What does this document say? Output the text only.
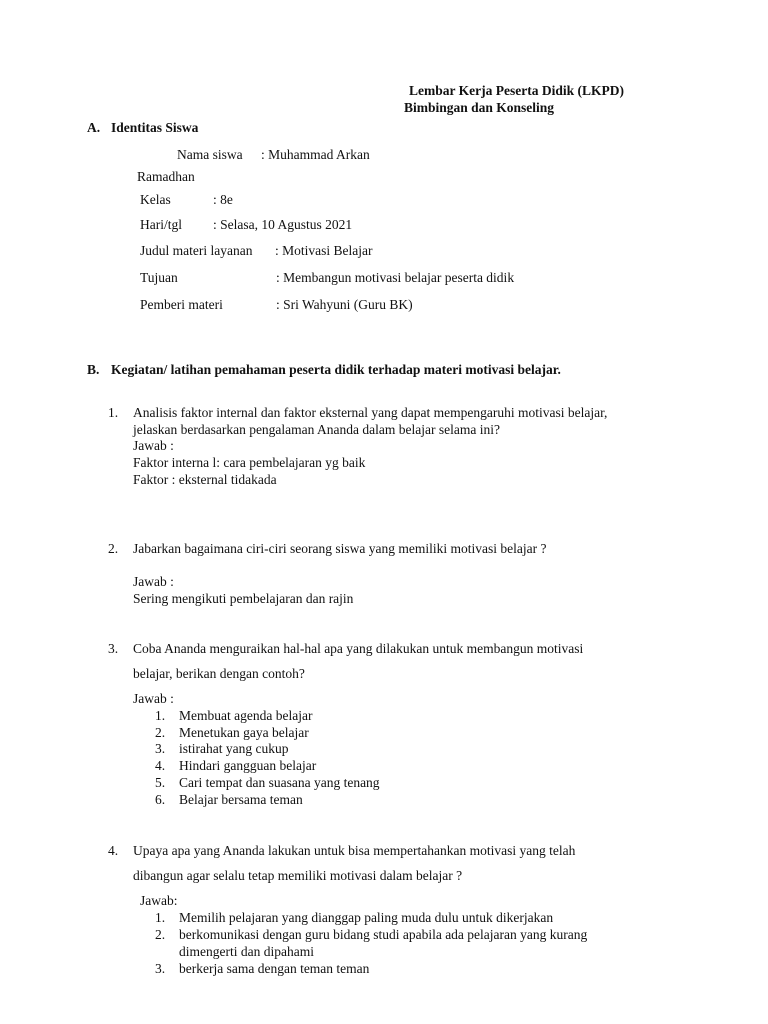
Lembar Kerja Peserta Didik (LKPD)
Bimbingan dan Konseling
A. Identitas Siswa
Nama siswa : Muhammad Arkan
Ramadhan
Kelas	: 8e
Hari/tgl : Selasa, 10 Agustus 2021
Judul materi layanan : Motivasi Belajar
Tujuan	: Membangun motivasi belajar peserta didik
Pemberi materi	: Sri Wahyuni (Guru BK)
B. Kegiatan/ latihan pemahaman peserta didik terhadap materi motivasi belajar.
1. Analisis faktor internal dan faktor eksternal yang dapat mempengaruhi motivasi belajar,
jelaskan berdasarkan pengalaman Ananda dalam belajar selama ini?
Jawab :
Faktor interna l: cara pembelajaran yg baik
Faktor : eksternal tidakada
2. Jabarkan bagaimana ciri-ciri seorang siswa yang memiliki motivasi belajar ?
Jawab :
Sering mengikuti pembelajaran dan rajin
3. Coba Ananda menguraikan hal-hal apa yang dilakukan untuk membangun motivasi
belajar, berikan dengan contoh?
Jawab :
1. Membuat agenda belajar
2. Menetukan gaya belajar
3. istirahat yang cukup
4. Hindari gangguan belajar
5. Cari tempat dan suasana yang tenang
6. Belajar bersama teman
4. Upaya apa yang Ananda lakukan untuk bisa mempertahankan motivasi yang telah
dibangun agar selalu tetap memiliki motivasi dalam belajar ?
Jawab:
1. Memilih pelajaran yang dianggap paling muda dulu untuk dikerjakan
2. berkomunikasi dengan guru bidang studi apabila ada pelajaran yang kurang
dimengerti dan dipahami
3. berkerja sama dengan teman teman
